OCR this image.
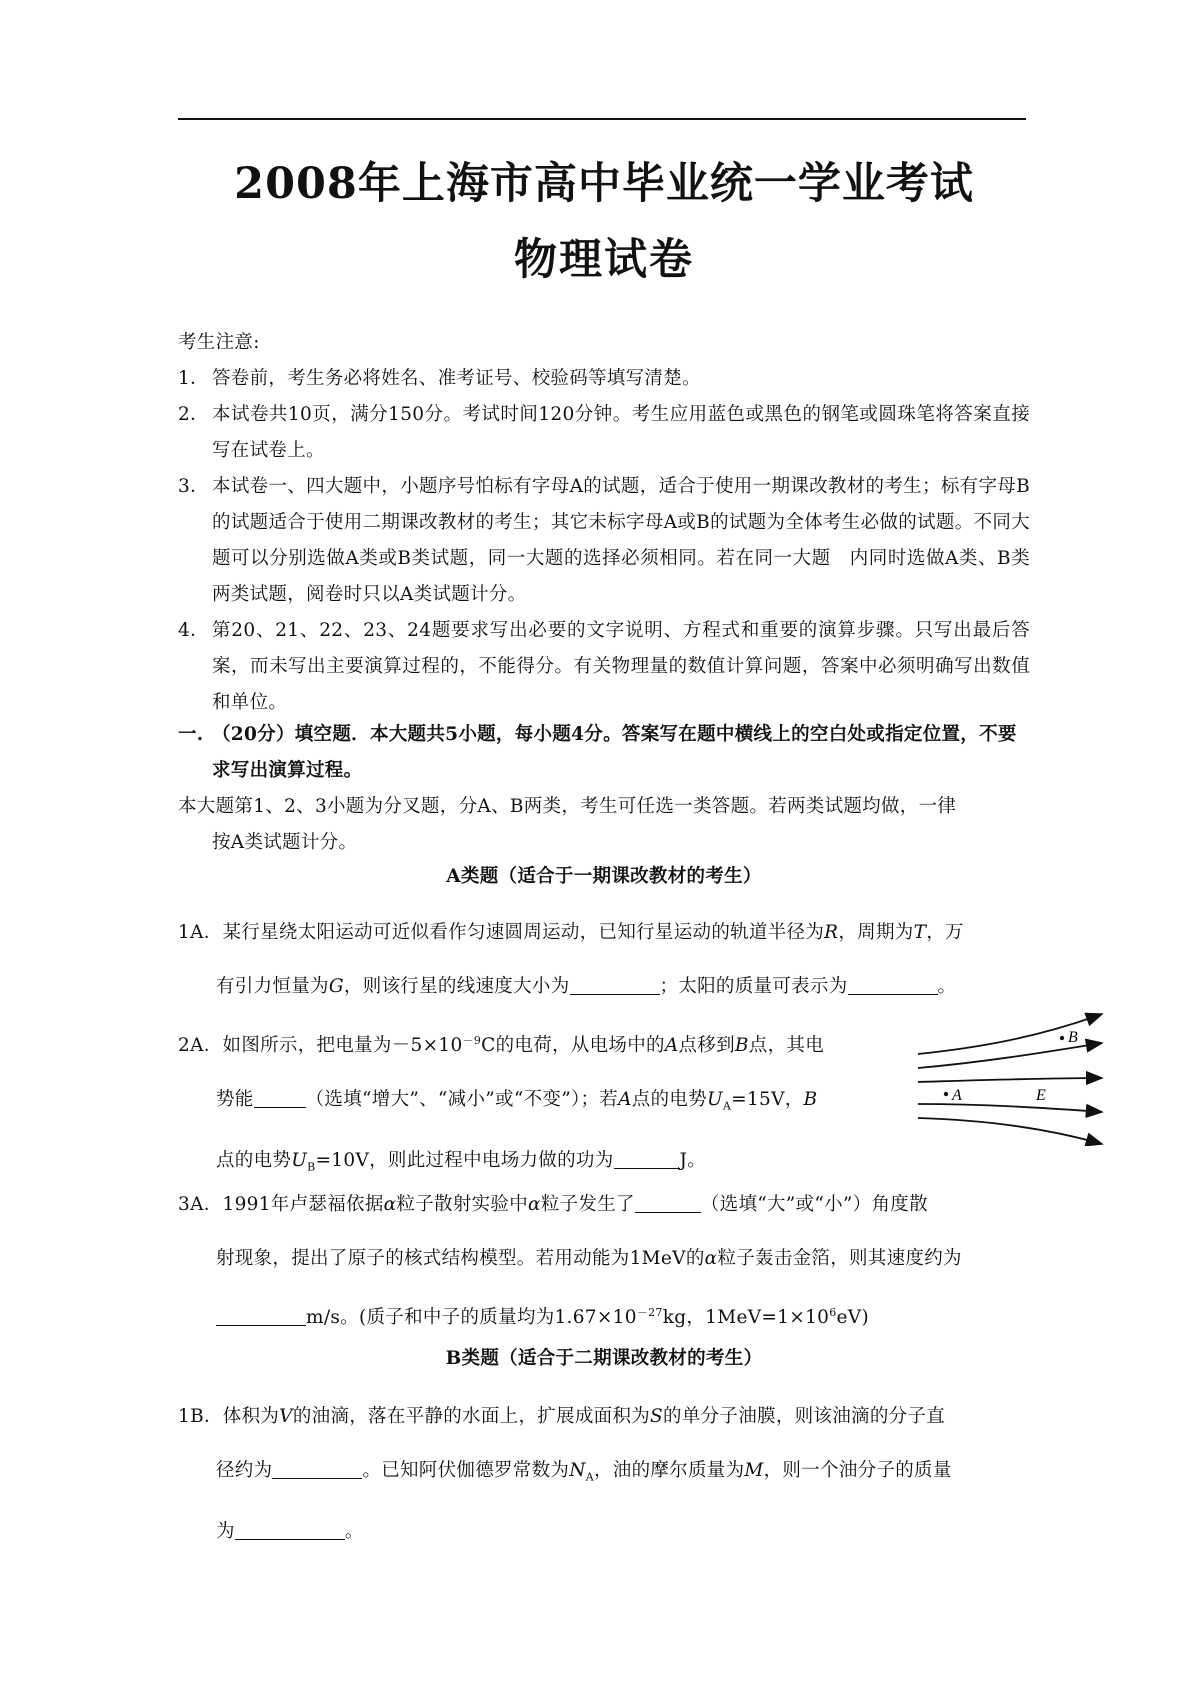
2008年上海市高中毕业统一学业考试
物理试卷
考生注意:
1． 答卷前，考生务必将姓名、准考证号、校验码等填写清楚。
2． 本试卷共10页，满分150分。考试时间120分钟。考生应用蓝色或黑色的钢笔或圆珠笔将答案直接写在试卷上。
3． 本试卷一、四大题中，小题序号怕标有字母A的试题，适合于使用一期课改教材的考生；标有字母B的试题适合于使用二期课改教材的考生；其它未标字母A或B的试题为全体考生必做的试题。不同大题可以分别选做A类或B类试题，同一大题的选择必须相同。若在同一大题　内同时选做A类、B类两类试题，阅卷时只以A类试题计分。
4． 第20、21、22、23、24题要求写出必要的文字说明、方程式和重要的演算步骤。只写出最后答案，而未写出主要演算过程的，不能得分。有关物理量的数值计算问题，答案中必须明确写出数值和单位。
一. （20分）填空题．本大题共5小题，每小题4分。答案写在题中横线上的空白处或指定位置，不要求写出演算过程。
本大题第1、2、3小题为分叉题，分A、B两类，考生可任选一类答题。若两类试题均做，一律
按A类试题计分。
A类题（适合于一期课改教材的考生）
1A．某行星绕太阳运动可近似看作匀速圆周运动，已知行星运动的轨道半径为R，周期为T，万
有引力恒量为G，则该行星的线速度大小为	；太阳的质量可表示为	。
2A．如图所示，把电量为$-5\times 10^{-9}C$的电荷，从电场中的A点移到B点，其电
势能	（选填“增大”、“减小”或“不变”）；若A点的电势$U_A=15V$，B
点的电势$U_B=10V$，则此过程中电场力做的功为	J。
3A．1991年卢瑟福依据α粒子散射实验中α粒子发生了	（选填“大”或“小”）角度散
射现象，提出了原子的核式结构模型。若用动能为1MeV的α粒子轰击金箔，则其速度约为
m/s。(质子和中子的质量均为$1.67\times 10^{-27}kg$，$1MeV=1\times 10^6eV$)
B类题（适合于二期课改教材的考生）
1B．体积为V的油滴，落在平静的水面上，扩展成面积为S的单分子油膜，则该油滴的分子直
径约为	。已知阿伏伽德罗常数为$N_A$，油的摩尔质量为M，则一个油分子的质量
为	。
B
A	E
